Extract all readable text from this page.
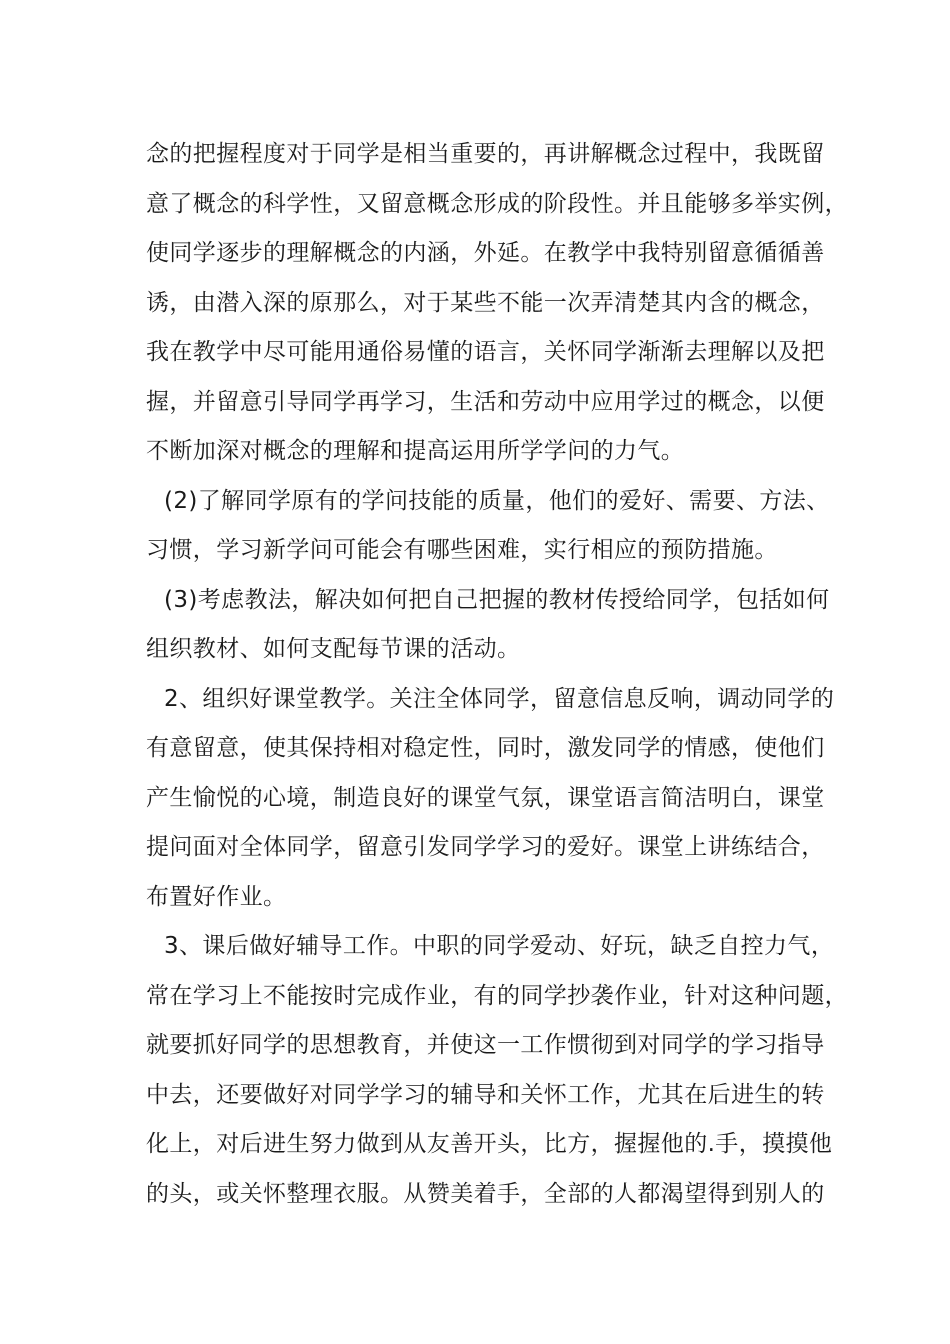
念的把握程度对于同学是相当重要的，再讲解概念过程中，我既留
意了概念的科学性，又留意概念形成的阶段性。并且能够多举实例，
使同学逐步的理解概念的内涵，外延。在教学中我特别留意循循善
诱，由潜入深的原那么，对于某些不能一次弄清楚其内含的概念，
我在教学中尽可能用通俗易懂的语言，关怀同学渐渐去理解以及把
握，并留意引导同学再学习，生活和劳动中应用学过的概念，以便
不断加深对概念的理解和提高运用所学学问的力气。
(2)了解同学原有的学问技能的质量，他们的爱好、需要、方法、
习惯，学习新学问可能会有哪些困难，实行相应的预防措施。
(3)考虑教法，解决如何把自己把握的教材传授给同学，包括如何
组织教材、如何支配每节课的活动。
2、组织好课堂教学。关注全体同学，留意信息反响，调动同学的
有意留意，使其保持相对稳定性，同时，激发同学的情感，使他们
产生愉悦的心境，制造良好的课堂气氛，课堂语言简洁明白，课堂
提问面对全体同学，留意引发同学学习的爱好。课堂上讲练结合，
布置好作业。
3、课后做好辅导工作。中职的同学爱动、好玩，缺乏自控力气，
常在学习上不能按时完成作业，有的同学抄袭作业，针对这种问题，
就要抓好同学的思想教育，并使这一工作惯彻到对同学的学习指导
中去，还要做好对同学学习的辅导和关怀工作，尤其在后进生的转
化上，对后进生努力做到从友善开头，比方，握握他的.手，摸摸他
的头，或关怀整理衣服。从赞美着手，全部的人都渴望得到别人的
